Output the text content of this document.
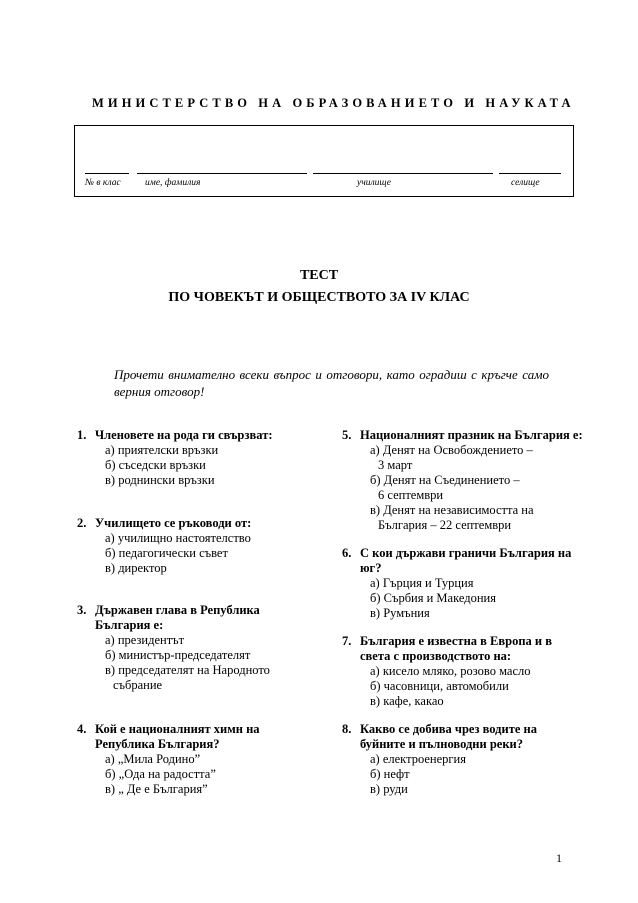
МИНИСТЕРСТВО НА ОБРАЗОВАНИЕТО И НАУКАТА
№ в клас	име, фамилия	училище	селище
ТЕСТ
ПО ЧОВЕКЪТ И ОБЩЕСТВОТО ЗА IV КЛАС
Прочети внимателно всеки въпрос и отговори, като оградиш с кръгче само верния отговор!
1. Членовете на рода ги свързват:
а) приятелски връзки
б) съседски връзки
в) роднински връзки
2. Училището се ръководи от:
а) училищно настоятелство
б) педагогически съвет
в) директор
3. Държавен глава в Република
България е:
а) президентът
б) министър-председателят
в) председателят на Народното
събрание
4. Кой е националният химн на
Република България?
а) „Мила Родино”
б) „Ода на радостта”
в) „ Де е България”
5. Националният празник на България е:
а) Денят на Освобождението –
3 март
б) Денят на Съединението –
6 септември
в) Денят на независимостта на
България – 22 септември
6. С кои държави граничи България на
юг?
а) Гърция и Турция
б) Сърбия и Македония
в) Румъния
7. България е известна в Европа и в
света с производството на:
а) кисело мляко, розово масло
б) часовници, автомобили
в) кафе, какао
8. Какво се добива чрез водите на
буйните и пълноводни реки?
а) електроенергия
б) нефт
в) руди
1
